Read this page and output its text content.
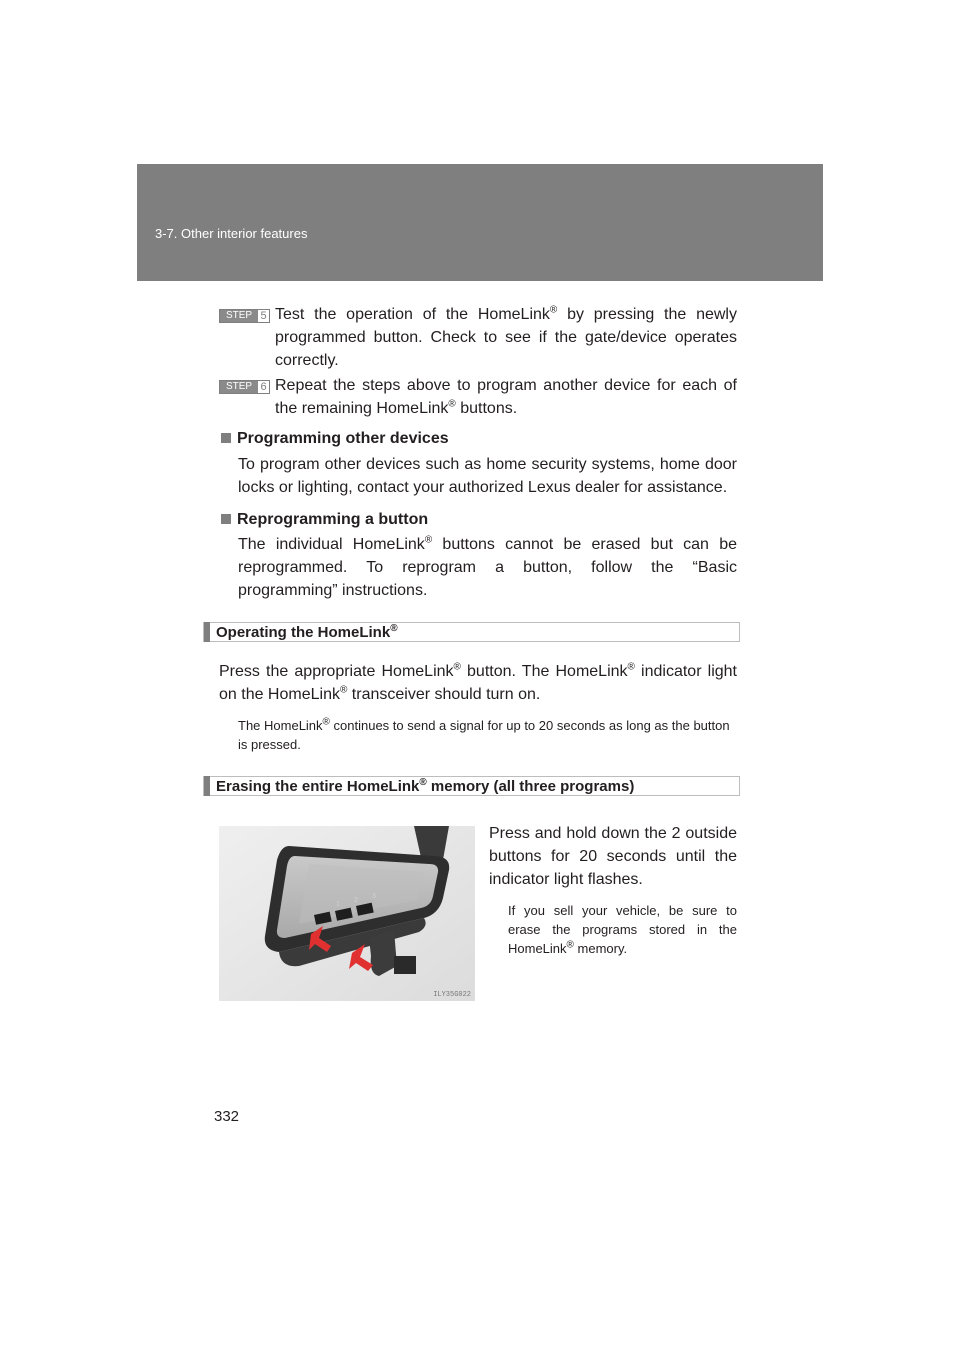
3-7. Other interior features
STEP 5 Test the operation of the HomeLink® by pressing the newly programmed button. Check to see if the gate/device operates correctly.
STEP 6 Repeat the steps above to program another device for each of the remaining HomeLink® buttons.
Programming other devices
To program other devices such as home security systems, home door locks or lighting, contact your authorized Lexus dealer for assistance.
Reprogramming a button
The individual HomeLink® buttons cannot be erased but can be reprogrammed. To reprogram a button, follow the “Basic programming” instructions.
Operating the HomeLink®
Press the appropriate HomeLink® button. The HomeLink® indicator light on the HomeLink® transceiver should turn on.
The HomeLink® continues to send a signal for up to 20 seconds as long as the button is pressed.
Erasing the entire HomeLink® memory (all three programs)
1
2
3
ILY35G022
Press and hold down the 2 outside buttons for 20 seconds until the indicator light flashes.
If you sell your vehicle, be sure to erase the programs stored in the HomeLink® memory.
332
